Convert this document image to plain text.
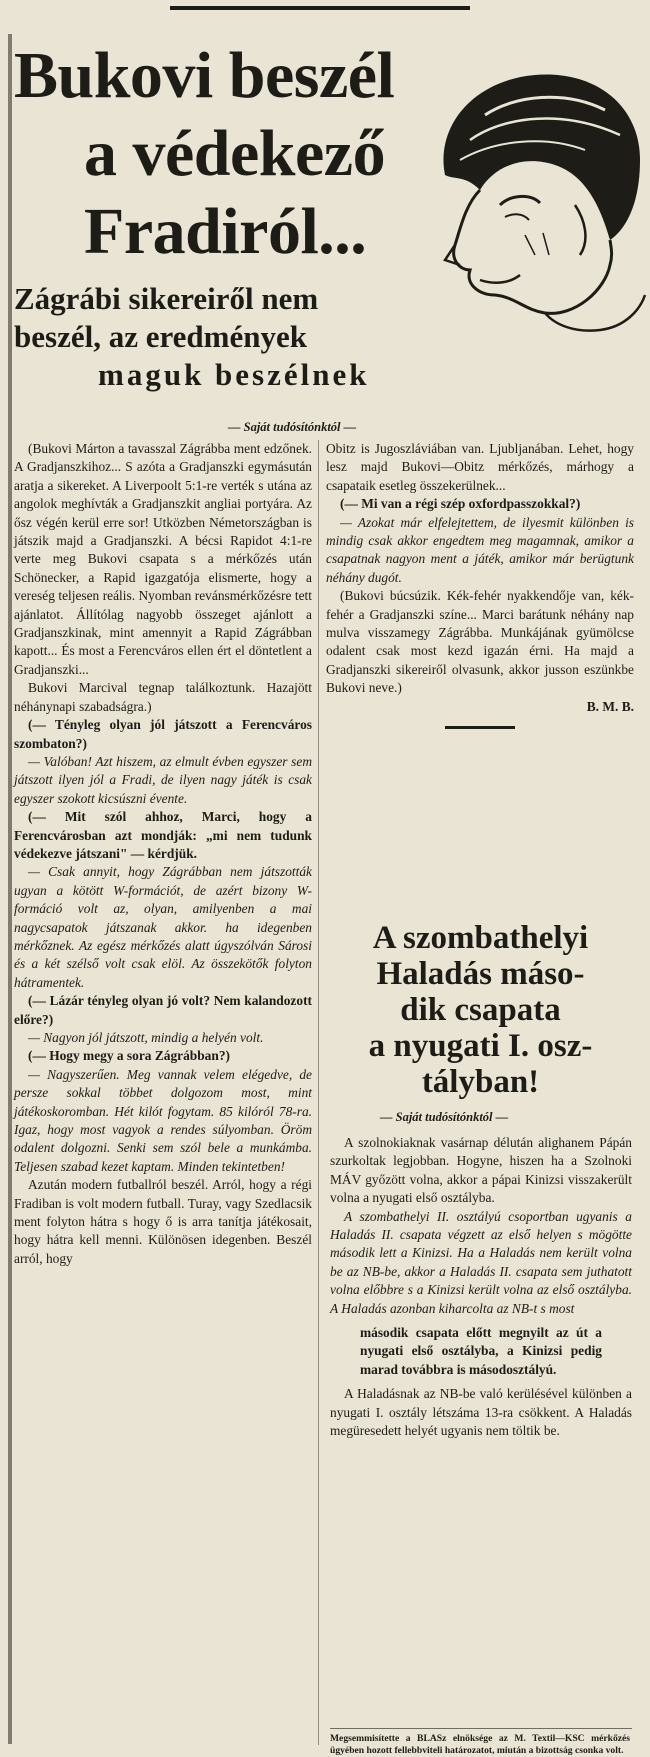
Bukovi beszél
a védekező
Fradiról...
Zágrábi sikereiről nem
beszél, az eredmények
maguk beszélnek
— Saját tudósítónktól —

(Bukovi Márton a tavasszal Zágrábba ment edzőnek. A Gradjanszkihoz... S azóta a Gradjanszki egymásután aratja a sikereket. A Liverpoolt 5:1-re verték s utána az angolok meghívták a Gradjanszkit angliai portyára. Az ősz végén kerül erre sor! Utközben Németországban is játszik majd a Gradjanszki. A bécsi Rapidot 4:1-re verte meg Bukovi csapata s a mérkőzés után Schönecker, a Rapid igazgatója elismerte, hogy a vereség teljesen reális. Nyomban revánsmérkőzésre tett ajánlatot. Állítólag nagyobb összeget ajánlott a Gradjanszkinak, mint amennyit a Rapid Zágrábban kapott... És most a Ferencváros ellen ért el döntetlent a Gradjanszki...

Bukovi Marcival tegnap találkoztunk. Hazajött néhánynapi szabadságra.)

(— Tényleg olyan jól játszott a Ferencváros szombaton?)

— Valóban! Azt hiszem, az elmult évben egyszer sem játszott ilyen jól a Fradi, de ilyen nagy játék is csak egyszer szokott kicsúszni évente.

(— Mit szól ahhoz, Marci, hogy a Ferencvárosban azt mondják: „mi nem tudunk védekezve játszani" — kérdjük.

— Csak annyit, hogy Zágrábban nem játszották ugyan a kötött W-formációt, de azért bizony W-formáció volt az, olyan, amilyenben a mai nagycsapatok játszanak akkor. ha idegenben mérkőznek. Az egész mérkőzés alatt úgyszólván Sárosi és a két szélső volt csak elöl. Az összekötők folyton hátramentek.

(— Lázár tényleg olyan jó volt? Nem kalandozott előre?)

— Nagyon jól játszott, mindig a helyén volt.

(— Hogy megy a sora Zágrábban?)

— Nagyszerűen. Meg vannak velem elégedve, de persze sokkal többet dolgozom most, mint játékoskoromban. Hét kilót fogytam. 85 kilóról 78-ra. Igaz, hogy most vagyok a rendes súlyomban. Öröm odalent dolgozni. Senki sem szól bele a munkámba. Teljesen szabad kezet kaptam. Minden tekintetben!

Azután modern futballról beszél. Arról, hogy a régi Fradiban is volt modern futball. Turay, vagy Szedlacsik ment folyton hátra s hogy ő is arra tanítja játékosait, hogy hátra kell menni. Különösen idegenben. Beszél arról, hogy

Obitz is Jugoszláviában van. Ljubljanában. Lehet, hogy lesz majd Bukovi—Obitz mérkőzés, márhogy a csapataik esetleg összekerülnek...

(— Mi van a régi szép oxfordpasszokkal?)

— Azokat már elfelejtettem, de ilyesmit különben is mindig csak akkor engedtem meg magamnak, amikor a csapatnak nagyon ment a játék, amikor már berügtunk néhány dugót.

(Bukovi búcsúzik. Kék-fehér nyakkendője van, kék-fehér a Gradjanszki színe... Marci barátunk néhány nap mulva visszamegy Zágrábba. Munkájának gyümölcse odalent csak most kezd igazán érni. Ha majd a Gradjanszki sikereiről olvasunk, akkor jusson eszünkbe Bukovi neve.)

B. M. B.

A szombathelyi
Haladás máso-
dik csapata
a nyugati I. osz-
tályban!
— Saját tudósítónktól —

A szolnokiaknak vasárnap délután alighanem Pápán szurkoltak legjobban. Hogyne, hiszen ha a Szolnoki MÁV győzött volna, akkor a pápai Kinizsi visszakerült volna a nyugati első osztályba.

A szombathelyi II. osztályú csoportban ugyanis a Haladás II. csapata végzett az első helyen s mögötte második lett a Kinizsi. Ha a Haladás nem került volna be az NB-be, akkor a Haladás II. csapata sem juthatott volna előbbre s a Kinizsi került volna az első osztályba. A Haladás azonban kiharcolta az NB-t s most

második csapata előtt megnyilt az út a nyugati első osztályba, a Kinizsi pedig marad továbbra is másodosztályú.

A Haladásnak az NB-be való kerülésével különben a nyugati I. osztály létszáma 13-ra csökkent. A Haladás megüresedett helyét ugyanis nem töltik be.

Megsemmisítette a BLASz elnöksége az M. Textil—KSC mérkőzés ügyében hozott fellebbviteli határozatot, miután a bizottság csonka volt.
